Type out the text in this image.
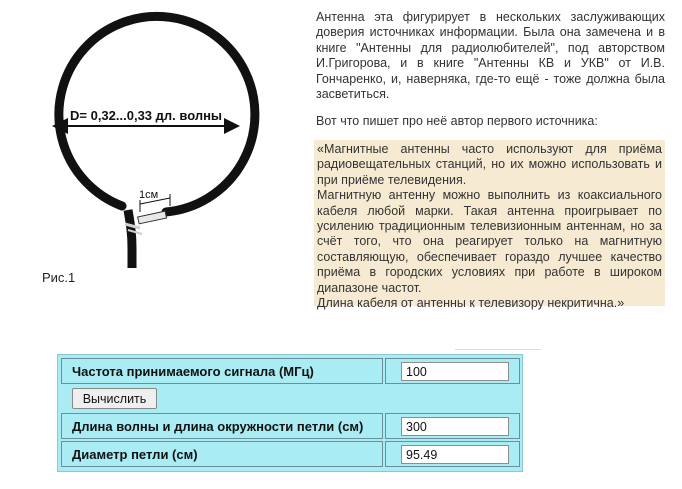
D= 0,32...0,33 дл. волны
1см
Рис.1

Антенна эта фигурирует в нескольких заслуживающих доверия источниках информации. Была она замечена и в книге "Антенны для радиолюбителей", под авторством И.Григорова, и в книге "Антенны КВ и УКВ" от И.В. Гончаренко, и, наверняка, где-то ещё - тоже должна была засветиться.

Вот что пишет про неё автор первого источника:

«Магнитные антенны часто используют для приёма радиовещательных станций, но их можно использовать и при приёме телевидения.

Магнитную антенну можно выполнить из коаксиального кабеля любой марки. Такая антенна проигрывает по усилению традиционным телевизионным антеннам, но за счёт того, что она реагирует только на магнитную составляющую, обеспечивает гораздо лучшее качество приёма в городских условиях при работе в широком диапазоне частот.

Длина кабеля от антенны к телевизору некритична.»

Частота принимаемого сигнала (МГц)
100
Вычислить
Длина волны и длина окружности петли (см)
300
Диаметр петли (см)
95.49
